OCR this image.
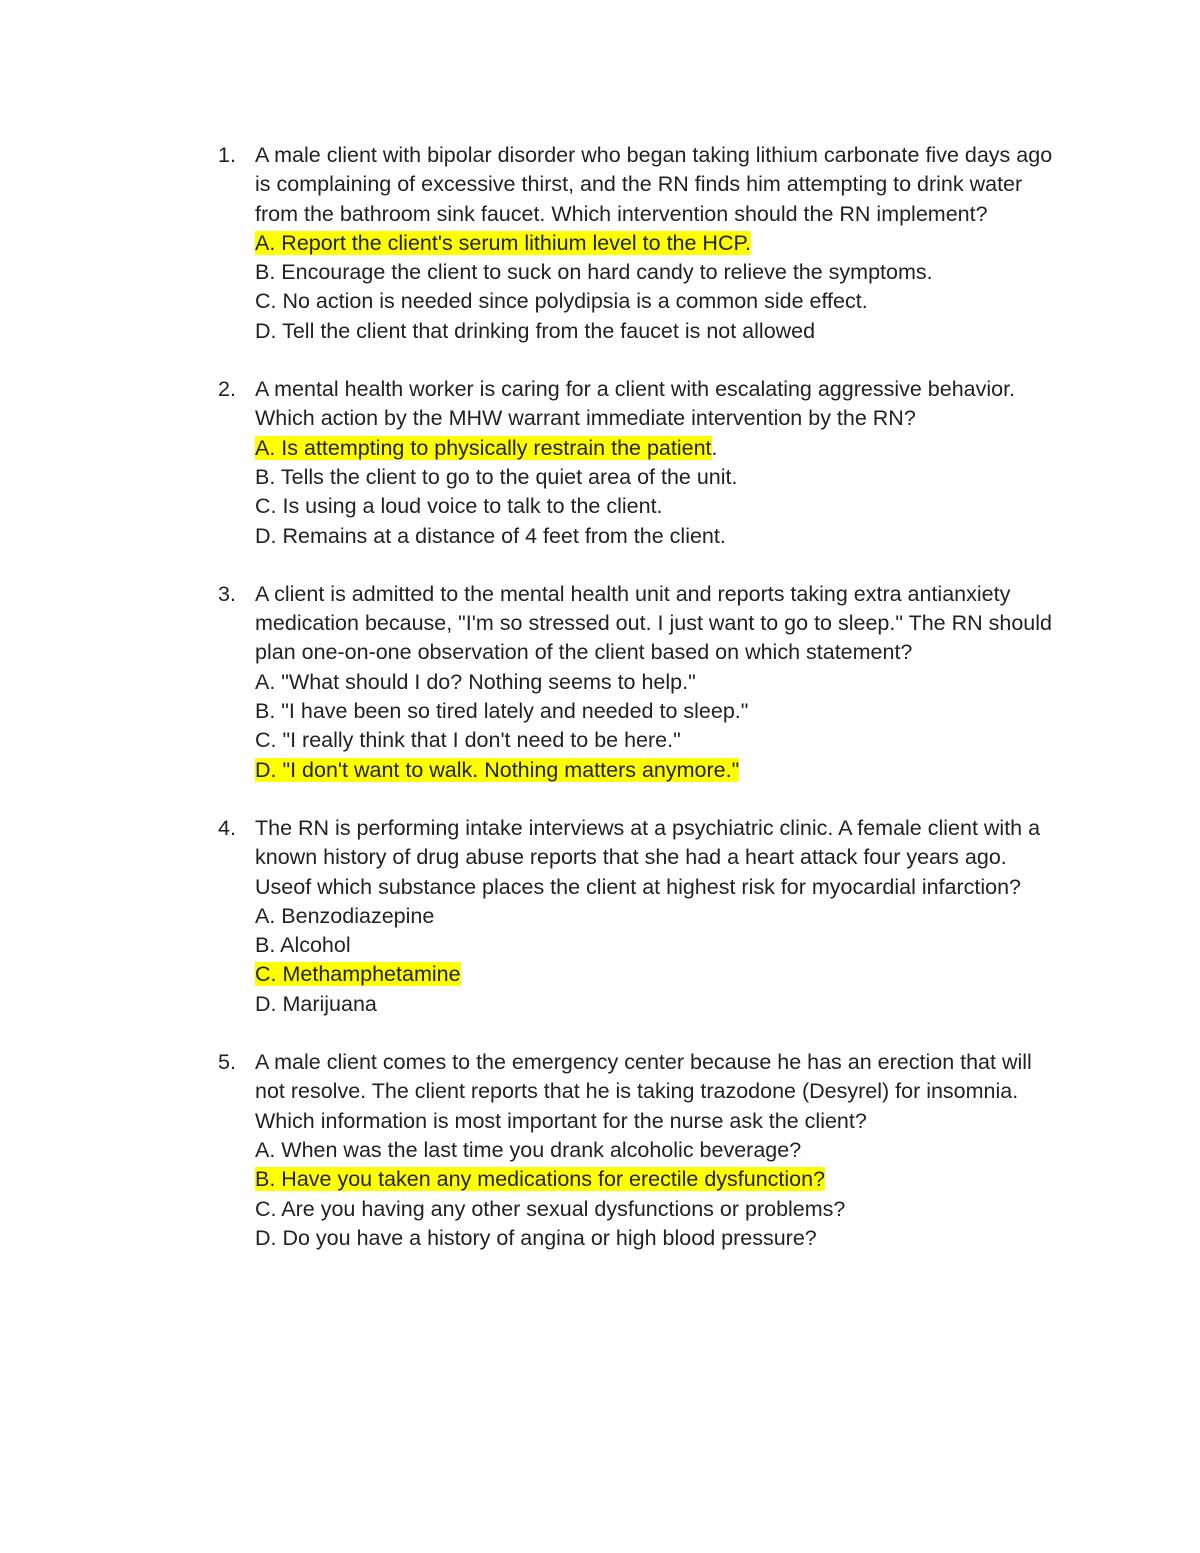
1. A male client with bipolar disorder who began taking lithium carbonate five days ago is complaining of excessive thirst, and the RN finds him attempting to drink water from the bathroom sink faucet. Which intervention should the RN implement?
A. Report the client's serum lithium level to the HCP.
B. Encourage the client to suck on hard candy to relieve the symptoms.
C. No action is needed since polydipsia is a common side effect.
D. Tell the client that drinking from the faucet is not allowed
2. A mental health worker is caring for a client with escalating aggressive behavior. Which action by the MHW warrant immediate intervention by the RN?
A. Is attempting to physically restrain the patient.
B. Tells the client to go to the quiet area of the unit.
C. Is using a loud voice to talk to the client.
D. Remains at a distance of 4 feet from the client.
3. A client is admitted to the mental health unit and reports taking extra antianxiety medication because, "I'm so stressed out. I just want to go to sleep." The RN should plan one-on-one observation of the client based on which statement?
A. "What should I do? Nothing seems to help."
B. "I have been so tired lately and needed to sleep."
C. "I really think that I don't need to be here."
D. "I don't want to walk. Nothing matters anymore."
4. The RN is performing intake interviews at a psychiatric clinic. A female client with a known history of drug abuse reports that she had a heart attack four years ago. Useof which substance places the client at highest risk for myocardial infarction?
A. Benzodiazepine
B. Alcohol
C. Methamphetamine
D. Marijuana
5. A male client comes to the emergency center because he has an erection that will not resolve. The client reports that he is taking trazodone (Desyrel) for insomnia. Which information is most important for the nurse ask the client?
A. When was the last time you drank alcoholic beverage?
B. Have you taken any medications for erectile dysfunction?
C. Are you having any other sexual dysfunctions or problems?
D. Do you have a history of angina or high blood pressure?
